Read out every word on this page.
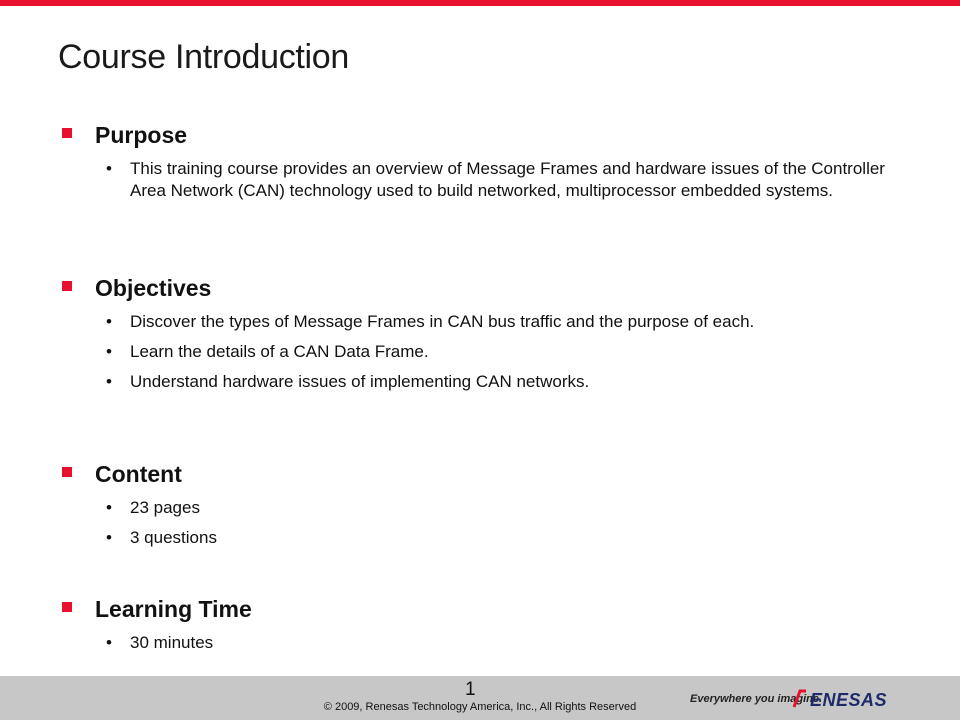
Course Introduction
Purpose
• This training course provides an overview of Message Frames and hardware issues of the Controller Area Network (CAN) technology used to build networked, multiprocessor embedded systems.
Objectives
• Discover the types of Message Frames in CAN bus traffic and the purpose of each.
• Learn the details of a CAN Data Frame.
• Understand hardware issues of implementing CAN networks.
Content
• 23 pages
• 3 questions
Learning Time
• 30 minutes
1
© 2009, Renesas Technology America, Inc., All Rights Reserved
Everywhere you imagine.
ENESAS
